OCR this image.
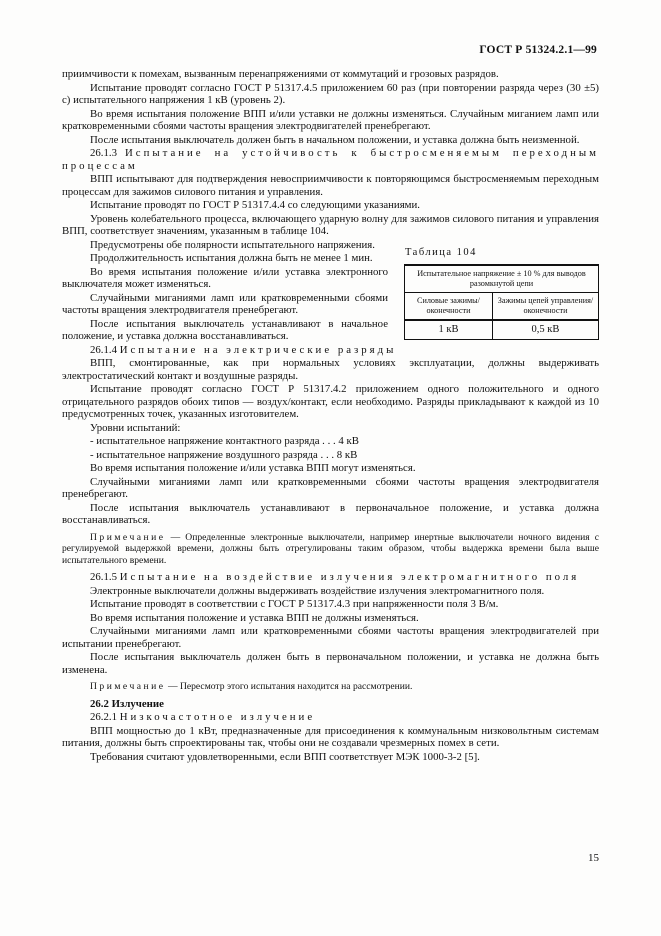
ГОСТ Р 51324.2.1—99

приимчивости к помехам, вызванным перенапряжениями от коммутаций и грозовых разрядов.

Испытание проводят согласно ГОСТ Р 51317.4.5 приложением 60 раз (при повторении разряда через (30 ±5) с) испытательного напряжения 1 кВ (уровень 2).

Во время испытания положение ВПП и/или уставки не должны изменяться. Случайным миганием ламп или кратковременными сбоями частоты вращения электродвигателей пренебрегают.

После испытания выключатель должен быть в начальном положении, и уставка должна быть неизменной.

26.1.3 Испытание на устойчивость к быстросменяемым переходным процессам

ВПП испытывают для подтверждения невосприимчивости к повторяющимся быстросменяемым переходным процессам для зажимов силового питания и управления.

Испытание проводят по ГОСТ Р 51317.4.4 со следующими указаниями.

Уровень колебательного процесса, включающего ударную волну для зажимов силового питания и управления ВПП, соответствует значениям, указанным в таблице 104.

Предусмотрены обе полярности испытательного напряжения.

Продолжительность испытания должна быть не менее 1 мин.

Во время испытания положение и/или уставка электронного выключателя может изменяться.

Случайными миганиями ламп или кратковременными сбоями частоты вращения электродвигателя пренебрегают.

После испытания выключатель устанавливают в начальное положение, и уставка должна восстанавливаться.

26.1.4 Испытание на электрические разряды

ВПП, смонтированные, как при нормальных условиях эксплуатации, должны выдерживать электростатический контакт и воздушные разряды.

Испытание проводят согласно ГОСТ Р 51317.4.2 приложением одного положительного и одного отрицательного разрядов обоих типов — воздух/контакт, если необходимо. Разряды прикладывают к каждой из 10 предусмотренных точек, указанных изготовителем.

Уровни испытаний:

- испытательное напряжение контактного разряда . . . 4 кВ

- испытательное напряжение воздушного разряда . . . 8 кВ

Во время испытания положение и/или уставка ВПП могут изменяться.

Случайными миганиями ламп или кратковременными сбоями частоты вращения электродвигателя пренебрегают.

После испытания выключатель устанавливают в первоначальное положение, и уставка должна восстанавливаться.

Примечание — Определенные электронные выключатели, например инертные выключатели ночного видения с регулируемой выдержкой времени, должны быть отрегулированы таким образом, чтобы выдержка времени была выше испытательного времени.

26.1.5 Испытание на воздействие излучения электромагнитного поля

Электронные выключатели должны выдерживать воздействие излучения электромагнитного поля.

Испытание проводят в соответствии с ГОСТ Р 51317.4.3 при напряженности поля 3 В/м.

Во время испытания положение и уставка ВПП не должны изменяться.

Случайными миганиями ламп или кратковременными сбоями частоты вращения электродвигателей при испытании пренебрегают.

После испытания выключатель должен быть в первоначальном положении, и уставка не должна быть изменена.

Примечание — Пересмотр этого испытания находится на рассмотрении.

26.2 Излучение

26.2.1 Низкочастотное излучение

ВПП мощностью до 1 кВт, предназначенные для присоединения к коммунальным низковольтным системам питания, должны быть спроектированы так, чтобы они не создавали чрезмерных помех в сети.

Требования считают удовлетворенными, если ВПП соответствует МЭК 1000-3-2 [5].

Таблица 104
Испытательное напряжение ± 10 % для выводов разомкнутой цепи	
Силовые зажимы/оконечности	Зажимы цепей управления/оконечности
1 кВ	0,5 кВ
15
